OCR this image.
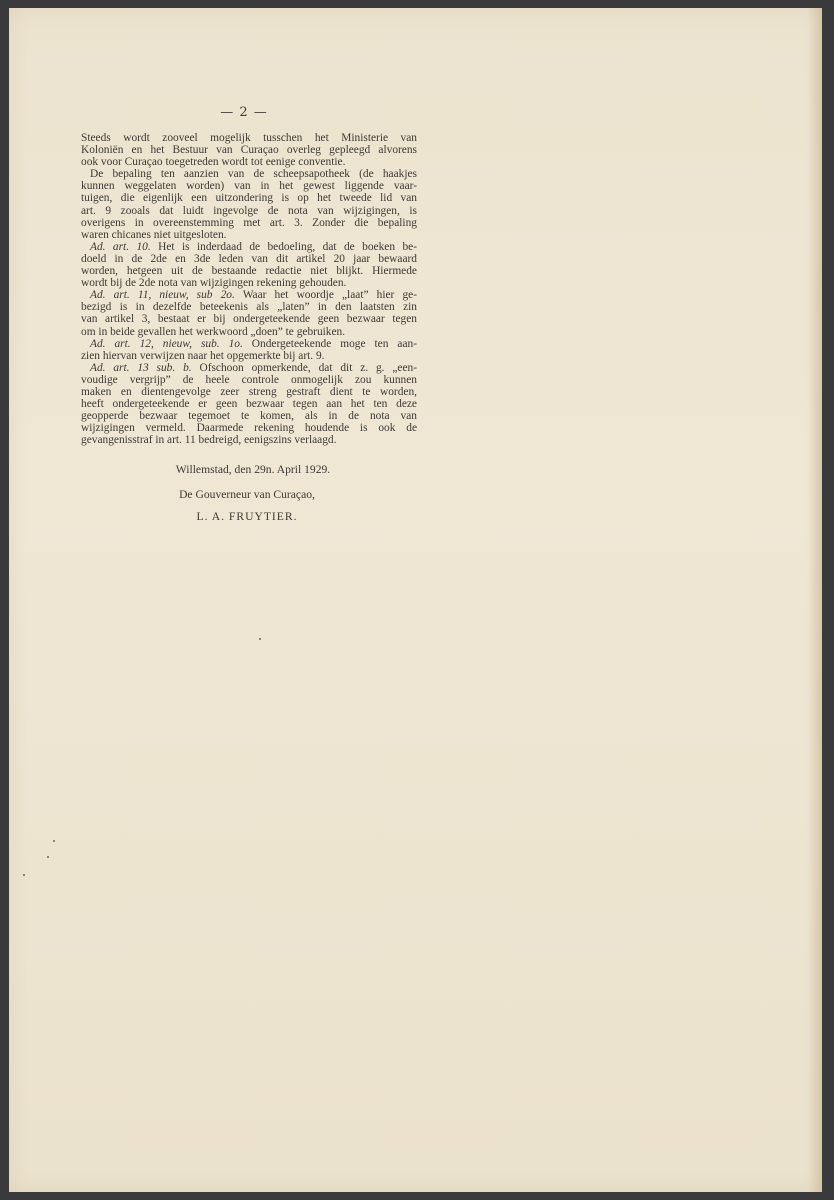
— 2 —
Steeds wordt zooveel mogelijk tusschen het Ministerie van
Koloniën en het Bestuur van Curaçao overleg gepleegd alvorens
ook voor Curaçao toegetreden wordt tot eenige conventie.
De bepaling ten aanzien van de scheepsapotheek (de haakjes
kunnen weggelaten worden) van in het gewest liggende vaar-
tuigen, die eigenlijk een uitzondering is op het tweede lid van
art. 9 zooals dat luidt ingevolge de nota van wijzigingen, is
overigens in overeenstemming met art. 3. Zonder die bepaling
waren chicanes niet uitgesloten.
Ad. art. 10. Het is inderdaad de bedoeling, dat de boeken be-
doeld in de 2de en 3de leden van dit artikel 20 jaar bewaard
worden, hetgeen uit de bestaande redactie niet blijkt. Hiermede
wordt bij de 2de nota van wijzigingen rekening gehouden.
Ad. art. 11, nieuw, sub 2o. Waar het woordje „laat” hier ge-
bezigd is in dezelfde beteekenis als „laten” in den laatsten zin
van artikel 3, bestaat er bij ondergeteekende geen bezwaar tegen
om in beide gevallen het werkwoord „doen” te gebruiken.
Ad. art. 12, nieuw, sub. 1o. Ondergeteekende moge ten aan-
zien hiervan verwijzen naar het opgemerkte bij art. 9.
Ad. art. 13 sub. b. Ofschoon opmerkende, dat dit z. g. „een-
voudige vergrijp” de heele controle onmogelijk zou kunnen
maken en dientengevolge zeer streng gestraft dient te worden,
heeft ondergeteekende er geen bezwaar tegen aan het ten deze
geopperde bezwaar tegemoet te komen, als in de nota van
wijzigingen vermeld. Daarmede rekening houdende is ook de
gevangenisstraf in art. 11 bedreigd, eenigszins verlaagd.
Willemstad, den 29n. April 1929.
De Gouverneur van Curaçao,
L. A. FRUYTIER.
